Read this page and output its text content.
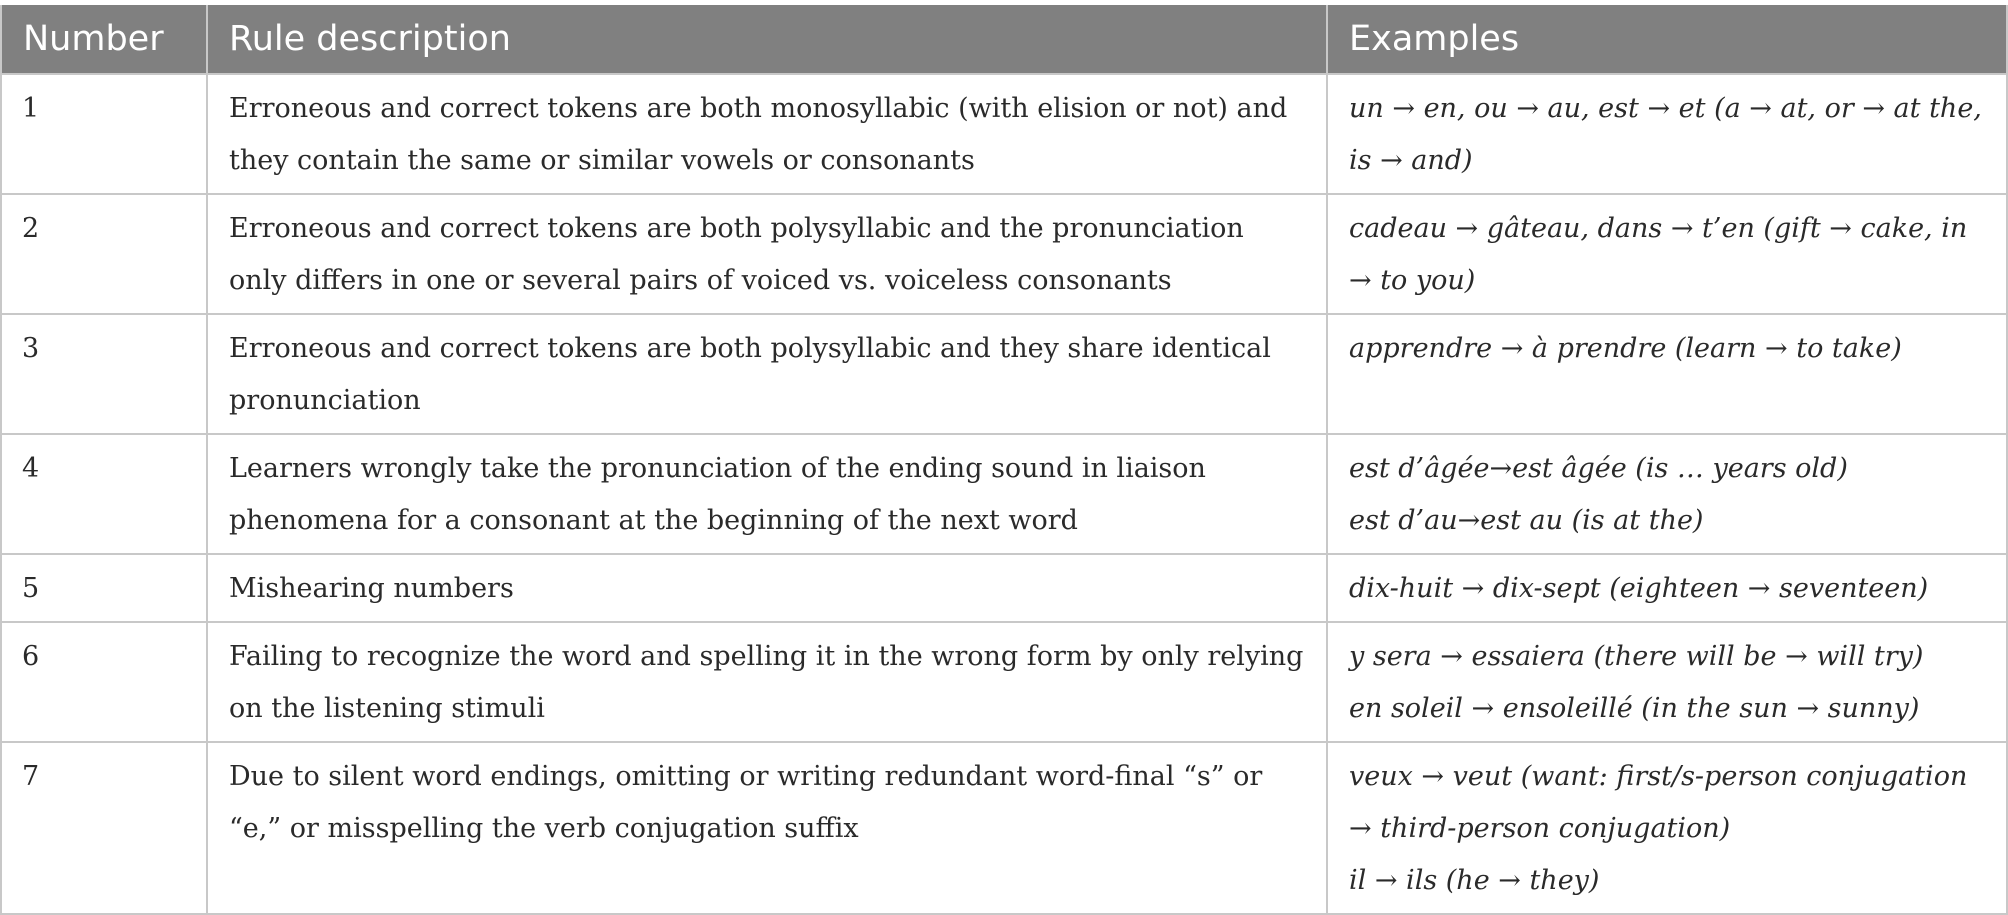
Number	Rule description	Examples
1	Erroneous and correct tokens are both monosyllabic (with elision or not) and they contain the same or similar vowels or consonants	un → en, ou → au, est → et (a → at, or → at the, is → and)

2	Erroneous and correct tokens are both polysyllabic and the pronunciation only differs in one or several pairs of voiced vs. voiceless consonants	cadeau → gâteau, dans → t’en (gift → cake, in → to you)

3	Erroneous and correct tokens are both polysyllabic and they share identical pronunciation	apprendre → à prendre (learn → to take)

4	Learners wrongly take the pronunciation of the ending sound in liaison phenomena for a consonant at the beginning of the next word	est d’âgée→est âgée (is … years old)
est d’au→est au (is at the)

5	Mishearing numbers	dix-huit → dix-sept (eighteen → seventeen)

6	Failing to recognize the word and spelling it in the wrong form by only relying on the listening stimuli	y sera → essaiera (there will be → will try)
en soleil → ensoleillé (in the sun → sunny)

7	Due to silent word endings, omitting or writing redundant word-final “s” or “e,” or misspelling the verb conjugation suffix	veux → veut (want: first/s-person conjugation → third-person conjugation)
il → ils (he → they)
